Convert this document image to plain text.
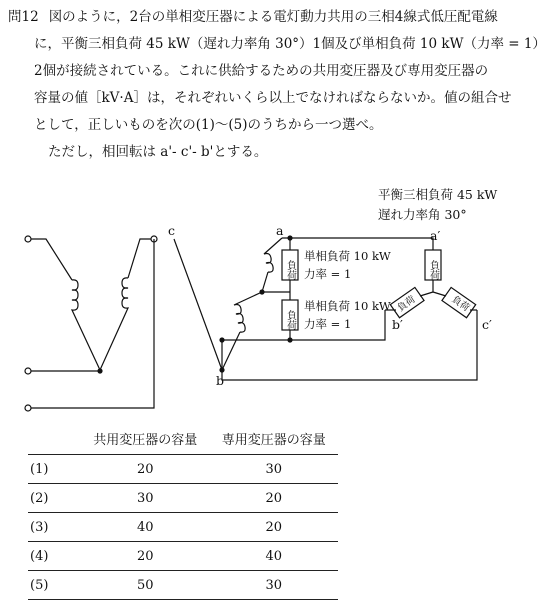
問12 図のように，2台の単相変圧器による電灯動力共用の三相4線式低圧配電線

に，平衡三相負荷 45 kW（遅れ力率角 30°）1個及び単相負荷 10 kW（力率 = 1）

2個が接続されている。これに供給するための共用変圧器及び専用変圧器の

容量の値［kV·A］は，それぞれいくら以上でなければならないか。値の組合せ

として，正しいものを次の(1)～(5)のうちから一つ選べ。

ただし，相回転は a'- c'- b'とする。

平衡三相負荷 45 kW
遅れ力率角 30°
c	a
b
a′
b′	c′
単相負荷 10 kW
力率 = 1
単相負荷 10 kW
力率 = 1
負荷
負荷
負荷
負荷	負荷
	共用変圧器の容量	専用変圧器の容量
(1)	20	30
(2)	30	20
(3)	40	20
(4)	20	40
(5)	50	30
